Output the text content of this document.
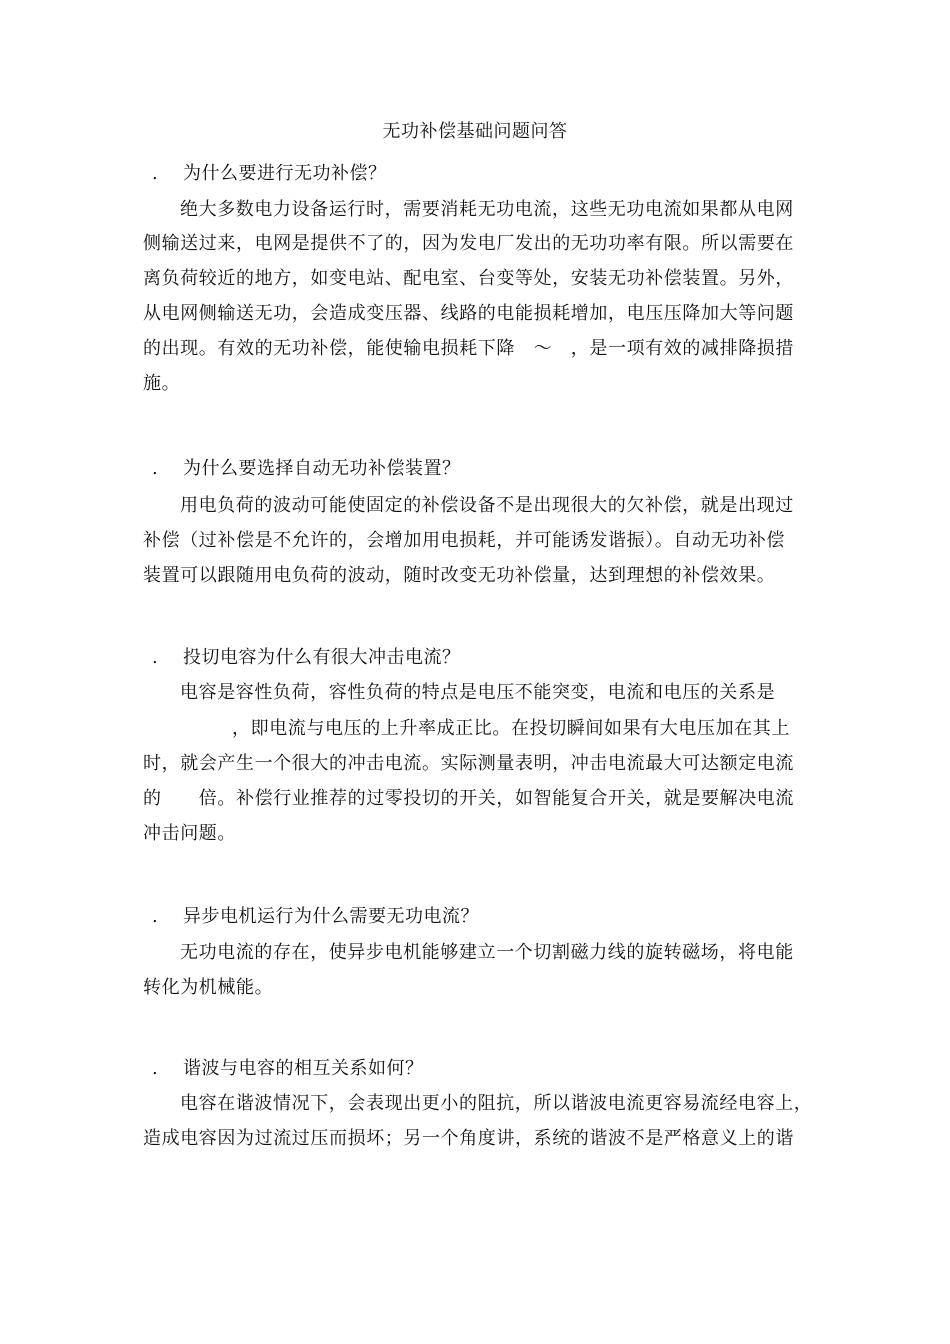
无功补偿基础问题问答
. 为什么要进行无功补偿？
绝大多数电力设备运行时，需要消耗无功电流，这些无功电流如果都从电网
侧输送过来，电网是提供不了的，因为发电厂发出的无功功率有限。所以需要在
离负荷较近的地方，如变电站、配电室、台变等处，安装无功补偿装置。另外，
从电网侧输送无功，会造成变压器、线路的电能损耗增加，电压压降加大等问题
的出现。有效的无功补偿，能使输电损耗下降　～　，是一项有效的减排降损措
施。
. 为什么要选择自动无功补偿装置？
用电负荷的波动可能使固定的补偿设备不是出现很大的欠补偿，就是出现过
补偿（过补偿是不允许的，会增加用电损耗，并可能诱发谐振）。自动无功补偿
装置可以跟随用电负荷的波动，随时改变无功补偿量，达到理想的补偿效果。
. 投切电容为什么有很大冲击电流？
电容是容性负荷，容性负荷的特点是电压不能突变，电流和电压的关系是
，即电流与电压的上升率成正比。在投切瞬间如果有大电压加在其上
时，就会产生一个很大的冲击电流。实际测量表明，冲击电流最大可达额定电流
的　　倍。补偿行业推荐的过零投切的开关，如智能复合开关，就是要解决电流
冲击问题。
. 异步电机运行为什么需要无功电流？
无功电流的存在，使异步电机能够建立一个切割磁力线的旋转磁场，将电能
转化为机械能。
. 谐波与电容的相互关系如何？
电容在谐波情况下，会表现出更小的阻抗，所以谐波电流更容易流经电容上，
造成电容因为过流过压而损坏；另一个角度讲，系统的谐波不是严格意义上的谐
